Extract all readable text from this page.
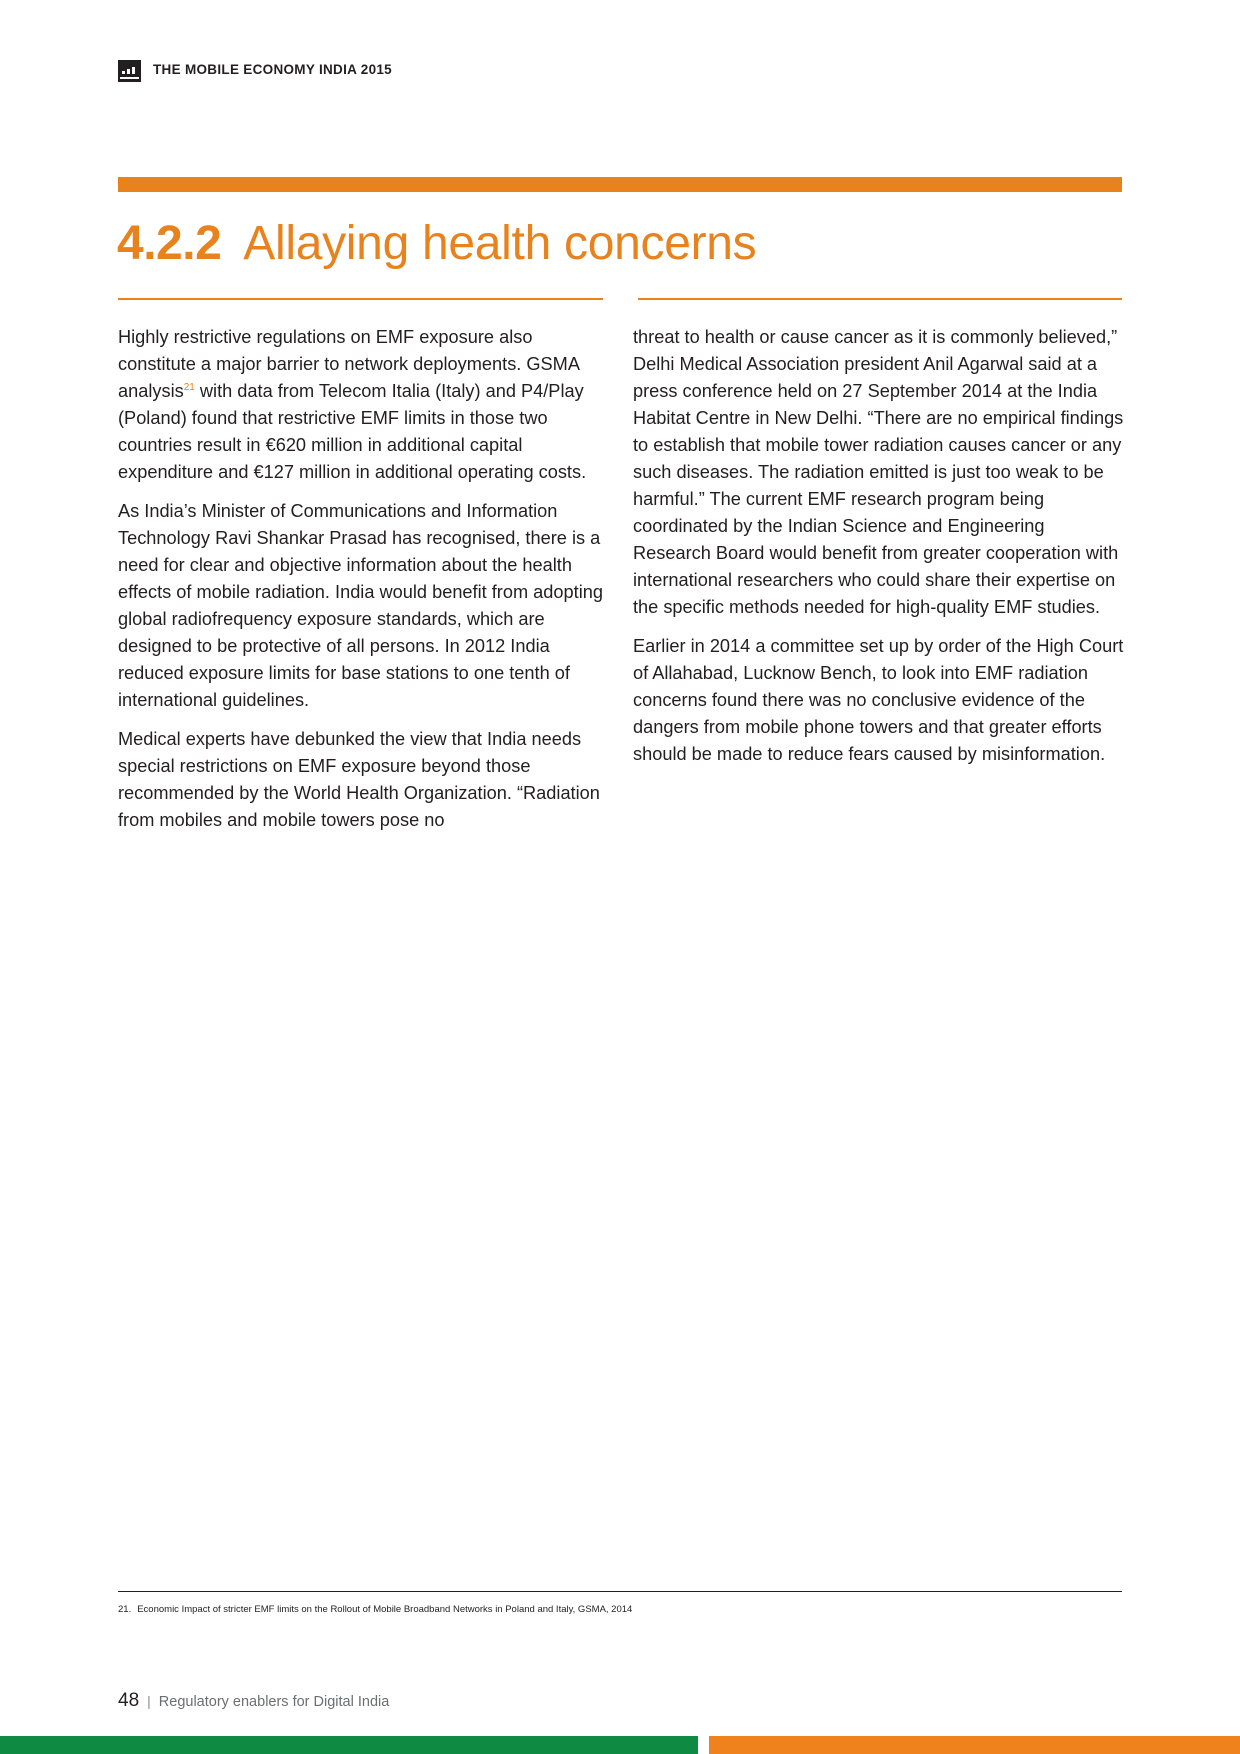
THE MOBILE ECONOMY INDIA 2015
4.2.2 Allaying health concerns

Highly restrictive regulations on EMF exposure also constitute a major barrier to network deployments. GSMA analysis$^{21}$ with data from Telecom Italia (Italy) and P4/Play (Poland) found that restrictive EMF limits in those two countries result in €620 million in additional capital expenditure and €127 million in additional operating costs.

As India’s Minister of Communications and Information Technology Ravi Shankar Prasad has recognised, there is a need for clear and objective information about the health effects of mobile radiation. India would benefit from adopting global radiofrequency exposure standards, which are designed to be protective of all persons. In 2012 India reduced exposure limits for base stations to one tenth of international guidelines.

Medical experts have debunked the view that India needs special restrictions on EMF exposure beyond those recommended by the World Health Organization. “Radiation from mobiles and mobile towers pose no

threat to health or cause cancer as it is commonly believed,” Delhi Medical Association president Anil Agarwal said at a press conference held on 27 September 2014 at the India Habitat Centre in New Delhi. “There are no empirical findings to establish that mobile tower radiation causes cancer or any such diseases. The radiation emitted is just too weak to be harmful.” The current EMF research program being coordinated by the Indian Science and Engineering Research Board would benefit from greater cooperation with international researchers who could share their expertise on the specific methods needed for high-quality EMF studies.

Earlier in 2014 a committee set up by order of the High Court of Allahabad, Lucknow Bench, to look into EMF radiation concerns found there was no conclusive evidence of the dangers from mobile phone towers and that greater efforts should be made to reduce fears caused by misinformation.

21. Economic Impact of stricter EMF limits on the Rollout of Mobile Broadband Networks in Poland and Italy, GSMA, 2014
48 | Regulatory enablers for Digital India
